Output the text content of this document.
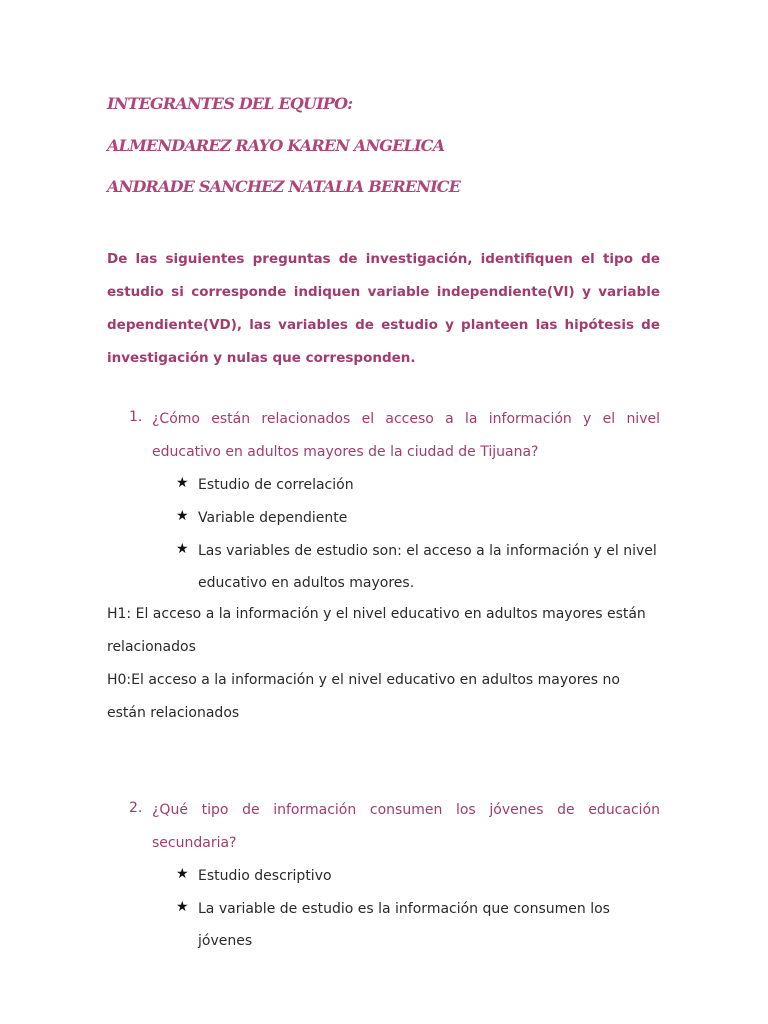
INTEGRANTES DEL EQUIPO:
ALMENDAREZ RAYO KAREN ANGELICA
ANDRADE SANCHEZ NATALIA BERENICE

De las siguientes preguntas de investigación, identifiquen el tipo de estudio si corresponde indiquen variable independiente(VI) y variable dependiente(VD), las variables de estudio y planteen las hipótesis de investigación y nulas que corresponden.

1. ¿Cómo están relacionados el acceso a la información y el nivel educativo en adultos mayores de la ciudad de Tijuana?

★ Estudio de correlación

★ Variable dependiente

★ Las variables de estudio son: el acceso a la información y el nivel educativo en adultos mayores.

H1: El acceso a la información y el nivel educativo en adultos mayores están relacionados

H0:El acceso a la información y el nivel educativo en adultos mayores no están relacionados

2. ¿Qué tipo de información consumen los jóvenes de educación secundaria?

★ Estudio descriptivo

★ La variable de estudio es la información que consumen los jóvenes
